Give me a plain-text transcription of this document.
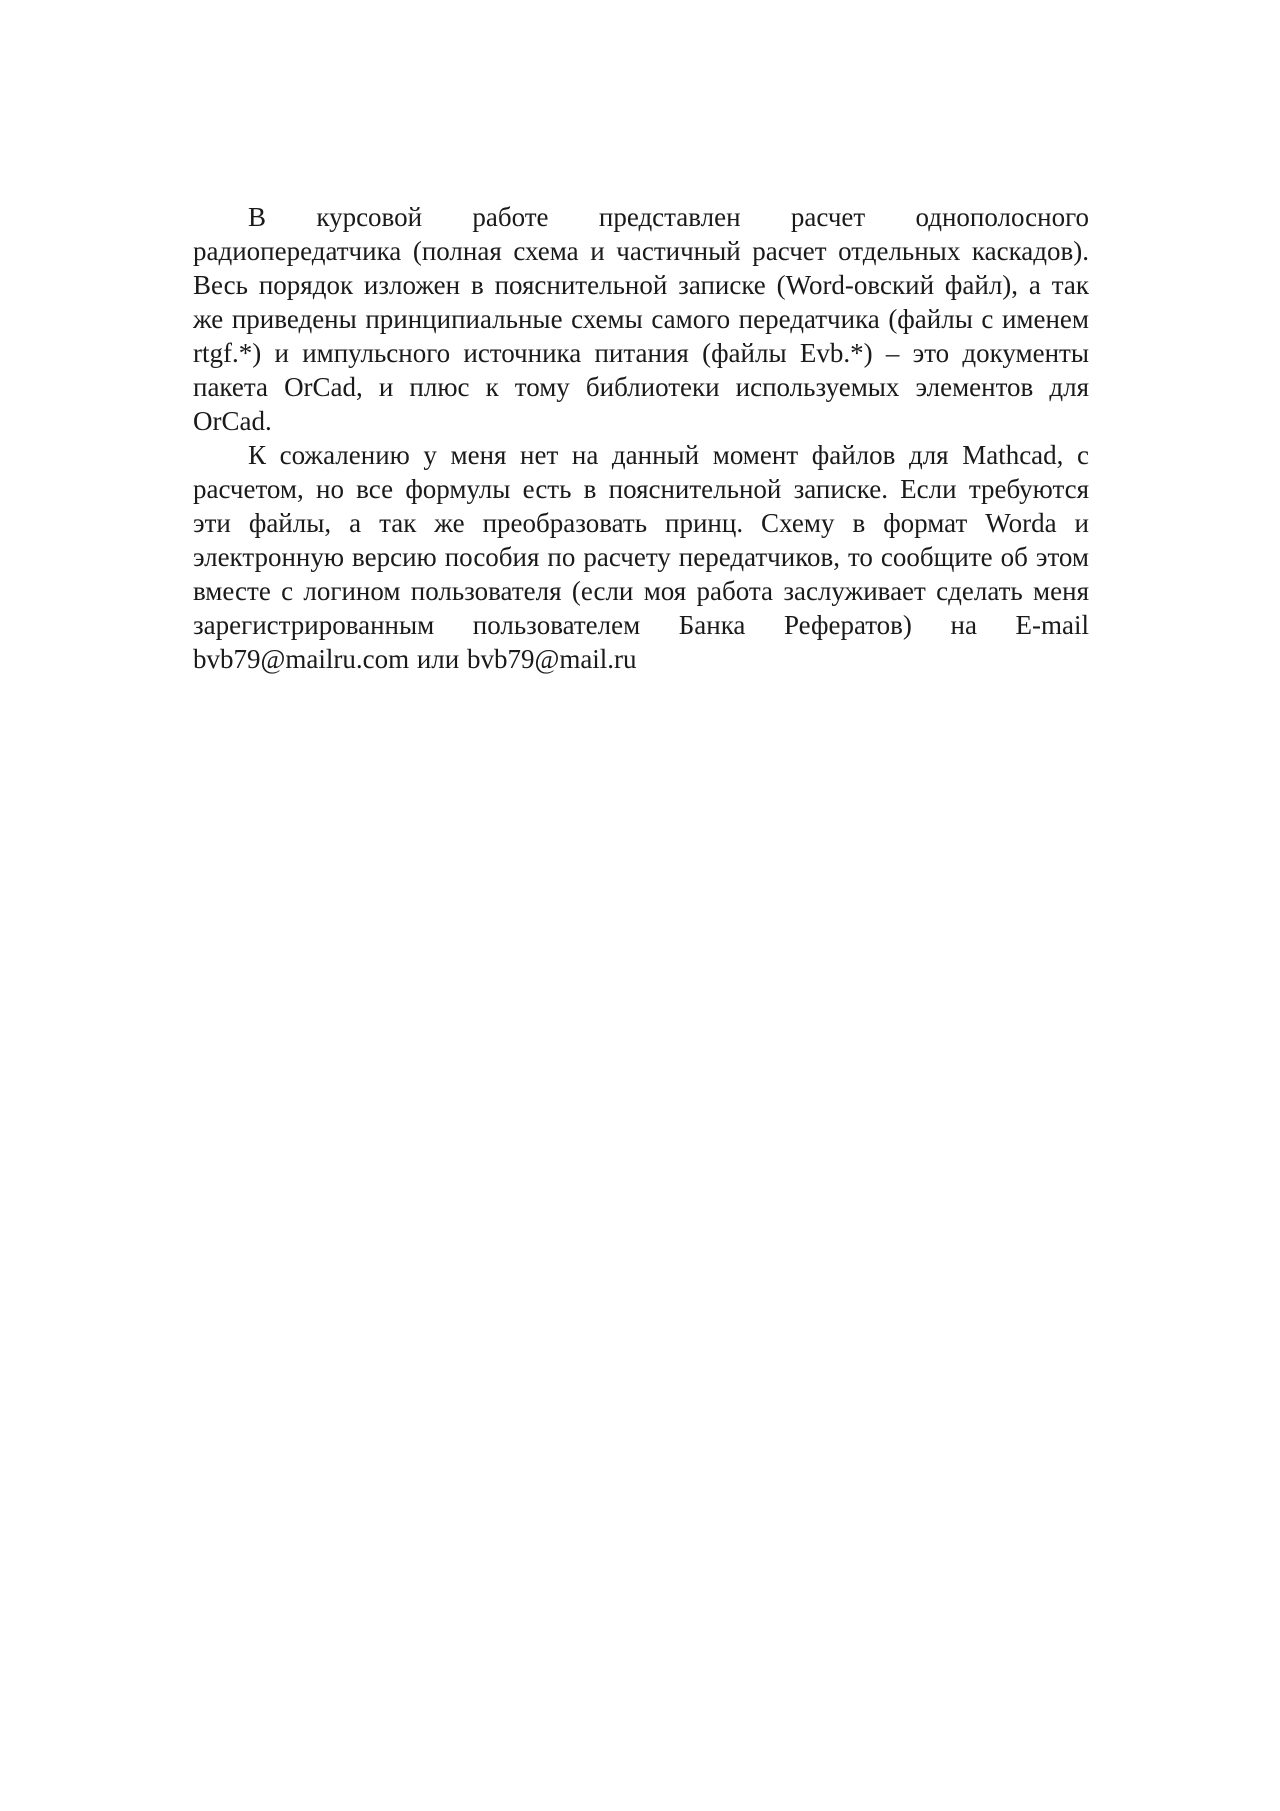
В курсовой работе представлен расчет однополосного радиопередатчика (полная схема и частичный расчет отдельных каскадов). Весь порядок изложен в пояснительной записке (Word-овский файл), а так же приведены принципиальные схемы самого передатчика (файлы с именем rtgf.*) и импульсного источника питания (файлы Evb.*) – это документы пакета OrCad, и плюс к тому библиотеки используемых элементов для OrCad.

К сожалению у меня нет на данный момент файлов для Mathcad, с расчетом, но все формулы есть в пояснительной записке. Если требуются эти файлы, а так же преобразовать принц. Схему в формат Worda и электронную версию пособия по расчету передатчиков, то сообщите об этом вместе с логином пользователя (если моя работа заслуживает сделать меня зарегистрированным пользователем Банка Рефератов) на E-mail bvb79@mailru.com или bvb79@mail.ru
